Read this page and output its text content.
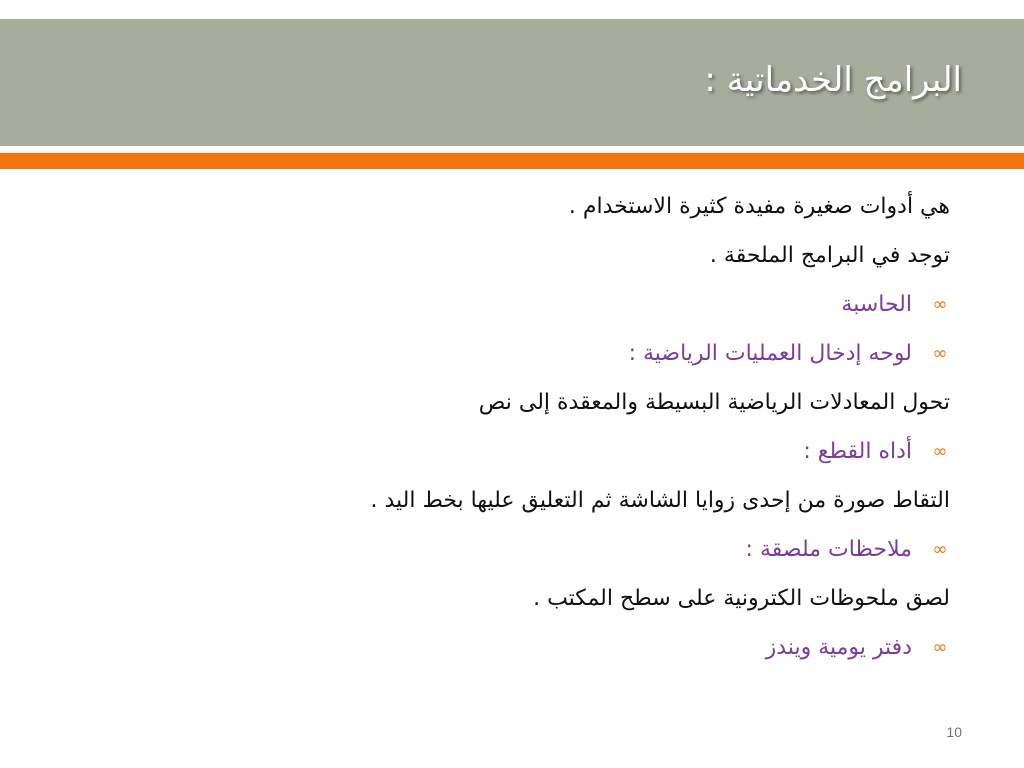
البرامج الخدماتية :
هي أدوات صغيرة مفيدة كثيرة الاستخدام .
توجد في البرامج الملحقة .
∞
الحاسبة
∞
لوحه إدخال العمليات الرياضية :
تحول المعادلات الرياضية البسيطة والمعقدة إلى نص
∞
أداه القطع :
التقاط صورة من إحدى زوايا الشاشة ثم التعليق عليها بخط اليد .
∞
ملاحظات ملصقة :
لصق ملحوظات الكترونية على سطح المكتب .
∞
دفتر يومية ويندز
10
